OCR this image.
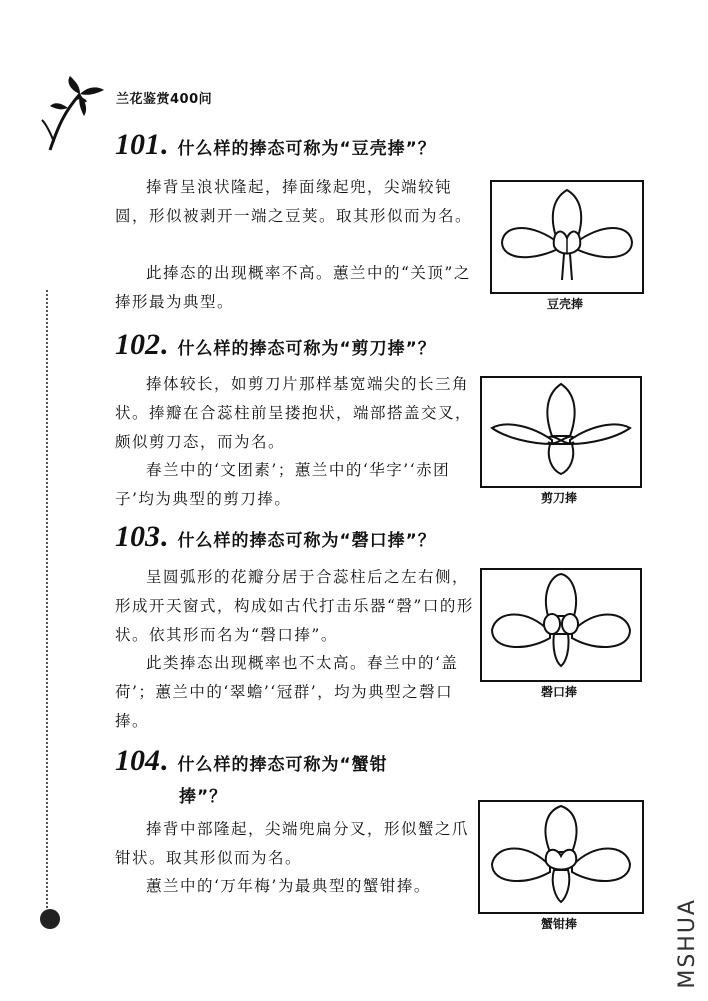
兰花鉴赏400问
MSHUA
101 . 什么样的捧态可称为“豆壳捧”？

捧背呈浪状隆起，捧面缘起兜，尖端较钝圆，形似被剥开一端之豆荚。取其形似而为名。

此捧态的出现概率不高。蕙兰中的“关顶”之捧形最为典型。	豆壳捧
102 . 什么样的捧态可称为“剪刀捧”？

捧体较长，如剪刀片那样基宽端尖的长三角状。捧瓣在合蕊柱前呈搂抱状，端部搭盖交叉，颇似剪刀态，而为名。

春兰中的‘文团素’；蕙兰中的‘华字’‘赤团子’均为典型的剪刀捧。	剪刀捧
103 . 什么样的捧态可称为“磬口捧”？

呈圆弧形的花瓣分居于合蕊柱后之左右侧，形成开天窗式，构成如古代打击乐器“磬”口的形状。依其形而名为“磬口捧”。

此类捧态出现概率也不太高。春兰中的‘盖荷’；蕙兰中的‘翠蟾’‘冠群’，均为典型之磬口捧。

磬口捧
104 . 什么样的捧态可称为“蟹钳
捧”？

捧背中部隆起，尖端兜扁分叉，形似蟹之爪钳状。取其形似而为名。

蕙兰中的‘万年梅’为最典型的蟹钳捧。

蟹钳捧
